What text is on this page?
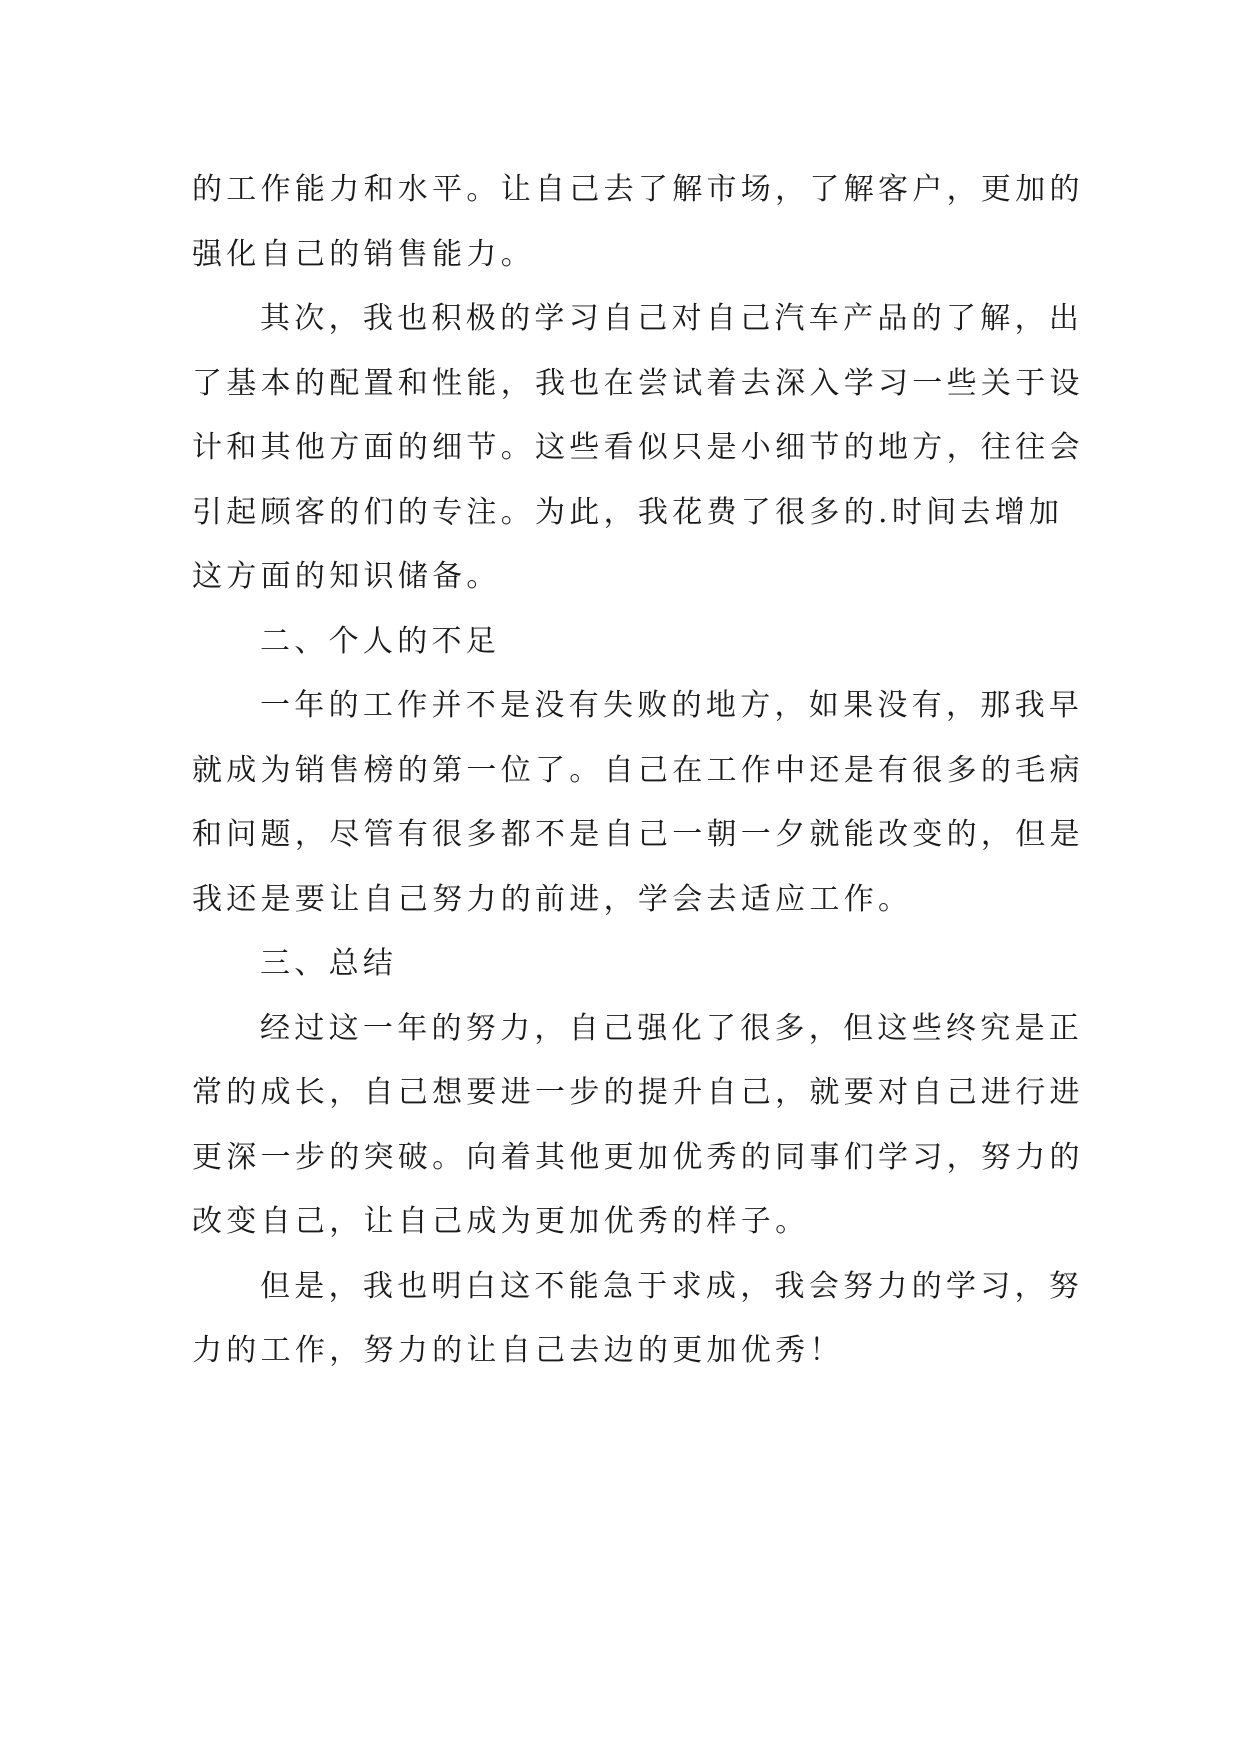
的工作能力和水平。让自己去了解市场，了解客户，更加的
强化自己的销售能力。
其次，我也积极的学习自己对自己汽车产品的了解，出
了基本的配置和性能，我也在尝试着去深入学习一些关于设
计和其他方面的细节。这些看似只是小细节的地方，往往会
引起顾客的们的专注。为此，我花费了很多的.时间去增加
这方面的知识储备。
二、个人的不足
一年的工作并不是没有失败的地方，如果没有，那我早
就成为销售榜的第一位了。自己在工作中还是有很多的毛病
和问题，尽管有很多都不是自己一朝一夕就能改变的，但是
我还是要让自己努力的前进，学会去适应工作。
三、总结
经过这一年的努力，自己强化了很多，但这些终究是正
常的成长，自己想要进一步的提升自己，就要对自己进行进
更深一步的突破。向着其他更加优秀的同事们学习，努力的
改变自己，让自己成为更加优秀的样子。
但是，我也明白这不能急于求成，我会努力的学习，努
力的工作，努力的让自己去边的更加优秀！
